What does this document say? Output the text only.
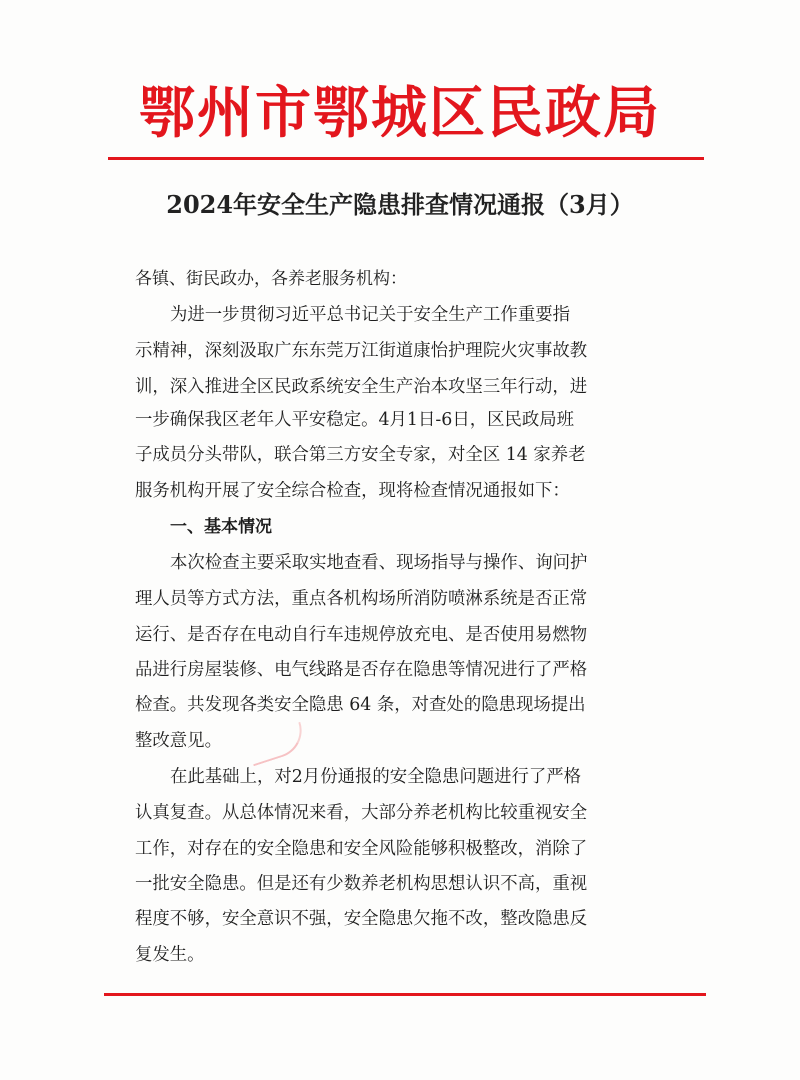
鄂州市鄂城区民政局
2024年安全生产隐患排查情况通报（3月）
各镇、街民政办，各养老服务机构：
为进一步贯彻习近平总书记关于安全生产工作重要指
示精神，深刻汲取广东东莞万江街道康怡护理院火灾事故教
训，深入推进全区民政系统安全生产治本攻坚三年行动，进
一步确保我区老年人平安稳定。4月1日-6日，区民政局班
子成员分头带队，联合第三方安全专家，对全区 14 家养老
服务机构开展了安全综合检查，现将检查情况通报如下：
一、基本情况
本次检查主要采取实地查看、现场指导与操作、询问护
理人员等方式方法，重点各机构场所消防喷淋系统是否正常
运行、是否存在电动自行车违规停放充电、是否使用易燃物
品进行房屋装修、电气线路是否存在隐患等情况进行了严格
检查。共发现各类安全隐患 64 条，对查处的隐患现场提出
整改意见。
在此基础上，对2月份通报的安全隐患问题进行了严格
认真复查。从总体情况来看，大部分养老机构比较重视安全
工作，对存在的安全隐患和安全风险能够积极整改，消除了
一批安全隐患。但是还有少数养老机构思想认识不高，重视
程度不够，安全意识不强，安全隐患欠拖不改，整改隐患反
复发生。
